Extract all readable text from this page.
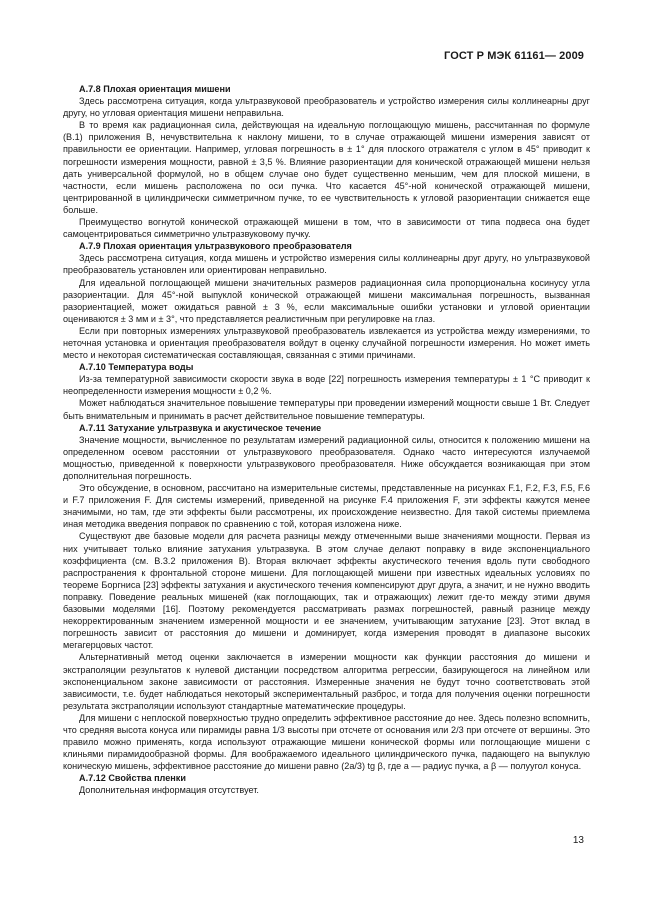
ГОСТ Р МЭК 61161— 2009

А.7.8 Плохая ориентация мишени

Здесь рассмотрена ситуация, когда ультразвуковой преобразователь и устройство измерения силы коллинеарны друг другу, но угловая ориентация мишени неправильна.

В то время как радиационная сила, действующая на идеальную поглощающую мишень, рассчитанная по формуле (В.1) приложения В, нечувствительна к наклону мишени, то в случае отражающей мишени измерения зависят от правильности ее ориентации. Например, угловая погрешность в ± 1° для плоского отражателя с углом в 45° приводит к погрешности измерения мощности, равной ± 3,5 %. Влияние разориентации для конической отражающей мишени нельзя дать универсальной формулой, но в общем случае оно будет существенно меньшим, чем для плоской мишени, в частности, если мишень расположена по оси пучка. Что касается 45°-ной конической отражающей мишени, центрированной в цилиндрически симметричном пучке, то ее чувствительность к угловой разориентации снижается еще больше.

Преимущество вогнутой конической отражающей мишени в том, что в зависимости от типа подвеса она будет самоцентрироваться симметрично ультразвуковому пучку.

А.7.9 Плохая ориентация ультразвукового преобразователя

Здесь рассмотрена ситуация, когда мишень и устройство измерения силы коллинеарны друг другу, но ультразвуковой преобразователь установлен или ориентирован неправильно.

Для идеальной поглощающей мишени значительных размеров радиационная сила пропорциональна косинусу угла разориентации. Для 45°-ной выпуклой конической отражающей мишени максимальная погрешность, вызванная разориентацией, может ожидаться равной ± 3 %, если максимальные ошибки установки и угловой ориентации оцениваются ± 3 мм и ± 3°, что представляется реалистичным при регулировке на глаз.

Если при повторных измерениях ультразвуковой преобразователь извлекается из устройства между измерениями, то неточная установка и ориентация преобразователя войдут в оценку случайной погрешности измерения. Но может иметь место и некоторая систематическая составляющая, связанная с этими причинами.

А.7.10 Температура воды

Из-за температурной зависимости скорости звука в воде [22] погрешность измерения температуры ± 1 °С приводит к неопределенности измерения мощности ± 0,2 %.

Может наблюдаться значительное повышение температуры при проведении измерений мощности свыше 1 Вт. Следует быть внимательным и принимать в расчет действительное повышение температуры.

А.7.11 Затухание ультразвука и акустическое течение

Значение мощности, вычисленное по результатам измерений радиационной силы, относится к положению мишени на определенном осевом расстоянии от ультразвукового преобразователя. Однако часто интересуются излучаемой мощностью, приведенной к поверхности ультразвукового преобразователя. Ниже обсуждается возникающая при этом дополнительная погрешность.

Это обсуждение, в основном, рассчитано на измерительные системы, представленные на рисунках F.1, F.2, F.3, F.5, F.6 и F.7 приложения F. Для системы измерений, приведенной на рисунке F.4 приложения F, эти эффекты кажутся менее значимыми, но там, где эти эффекты были рассмотрены, их происхождение неизвестно. Для такой системы приемлема иная методика введения поправок по сравнению с той, которая изложена ниже.

Существуют две базовые модели для расчета разницы между отмеченными выше значениями мощности. Первая из них учитывает только влияние затухания ультразвука. В этом случае делают поправку в виде экспоненциального коэффициента (см. В.3.2 приложения В). Вторая включает эффекты акустического течения вдоль пути свободного распространения к фронтальной стороне мишени. Для поглощающей мишени при известных идеальных условиях по теореме Боргниса [23] эффекты затухания и акустического течения компенсируют друг друга, а значит, и не нужно вводить поправку. Поведение реальных мишеней (как поглощающих, так и отражающих) лежит где-то между этими двумя базовыми моделями [16]. Поэтому рекомендуется рассматривать размах погрешностей, равный разнице между некорректированным значением измеренной мощности и ее значением, учитывающим затухание [23]. Этот вклад в погрешность зависит от расстояния до мишени и доминирует, когда измерения проводят в диапазоне высоких мегагерцовых частот.

Альтернативный метод оценки заключается в измерении мощности как функции расстояния до мишени и экстраполяции результатов к нулевой дистанции посредством алгоритма регрессии, базирующегося на линейном или экспоненциальном законе зависимости от расстояния. Измеренные значения не будут точно соответствовать этой зависимости, т.е. будет наблюдаться некоторый экспериментальный разброс, и тогда для получения оценки погрешности результата экстраполяции используют стандартные математические процедуры.

Для мишени с неплоской поверхностью трудно определить эффективное расстояние до нее. Здесь полезно вспомнить, что средняя высота конуса или пирамиды равна 1/3 высоты при отсчете от основания или 2/3 при отсчете от вершины. Это правило можно применять, когда используют отражающие мишени конической формы или поглощающие мишени с клиньями пирамидообразной формы. Для воображаемого идеального цилиндрического пучка, падающего на выпуклую коническую мишень, эффективное расстояние до мишени равно (2a/3) tg β, где a — радиус пучка, а β — полуугол конуса.

А.7.12 Свойства пленки

Дополнительная информация отсутствует.

13
